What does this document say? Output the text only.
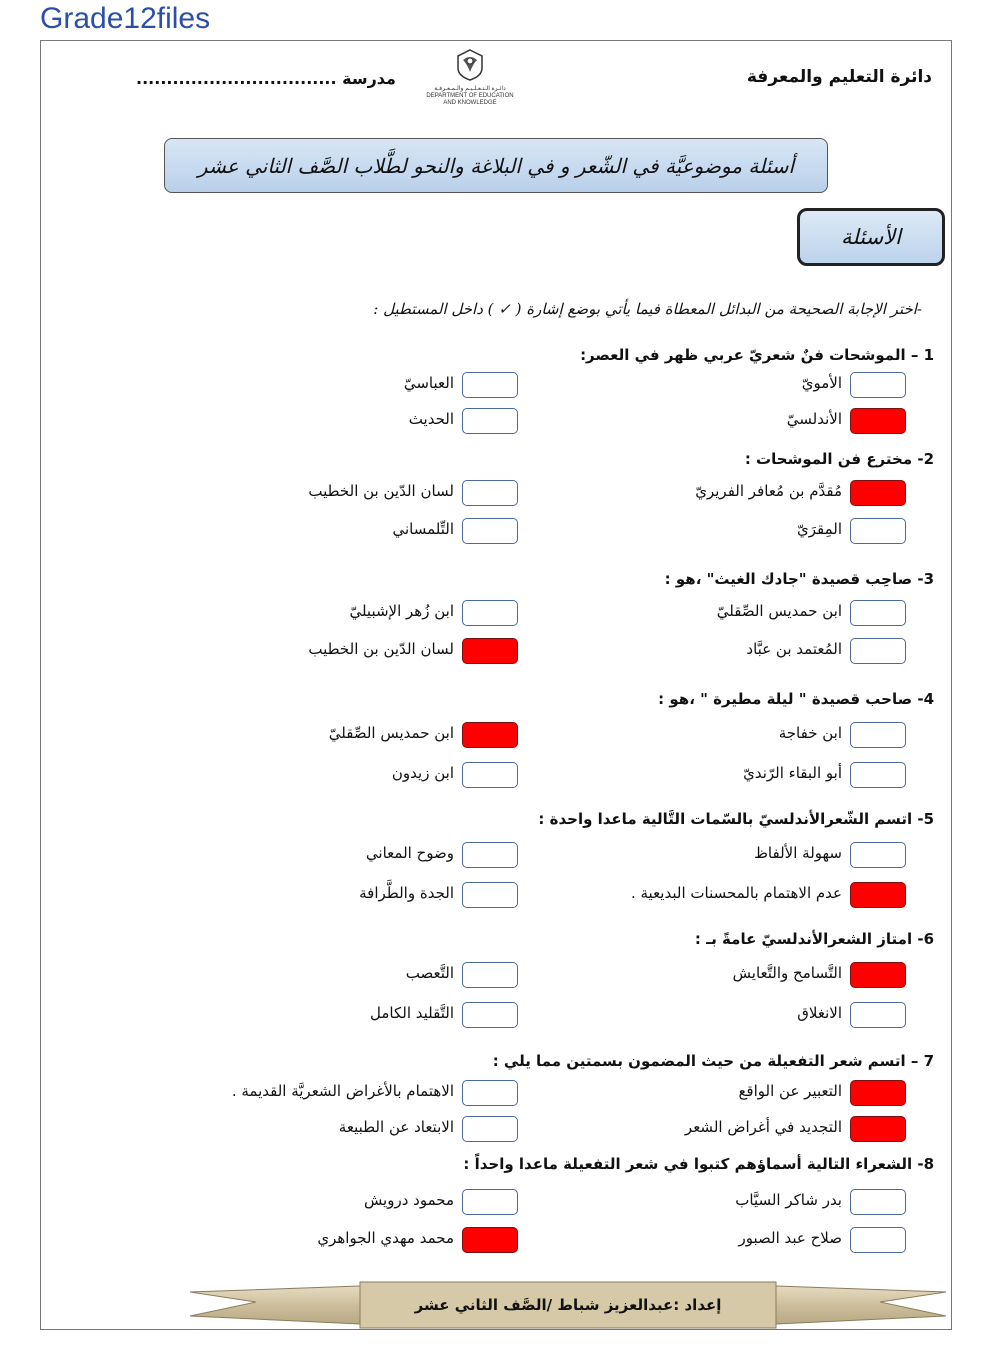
Grade12files
دائرة التعليم والمعرفة
مدرسة .................................
دائـرة الـتـعـلـيـم والـمـعـرفـة
DEPARTMENT OF EDUCATION
AND KNOWLEDGE
أسئلة موضوعيَّة في الشّعر و في البلاغة والنحو لطَّلاب الصَّف الثاني عشر
الأسئلة
-اختر الإجابة الصحيحة من البدائل المعطاة فيما يأتي بوضع إشارة ( ✓ ) داخل المستطيل :
1 – الموشحات فنٌ شعريّ عربي ظهر في العصر:
الأمويّ
العباسيّ
الأندلسيّ
الحديث
2- مخترع فن الموشحات :
مُقدَّم بن مُعافر الفريريّ
لسان الدّين بن الخطيب
المِقرَيّ
التِّلمساني
3- صاحِب قصيدة "جادك الغيث" ،هو :
ابن حمديس الصِّقليّ
ابن زُهر الإشبيليّ
المُعتمد بن عبَّاد
لسان الدّين بن الخطيب
4- صاحب قصيدة " ليلة مطيرة " ،هو :
ابن خفاجة
ابن حمديس الصِّقليّ
أبو البقاء الرّنديّ
ابن زيدون
5- اتسم الشّعرالأندلسيّ بالسّمات التَّالية ماعدا واحدة :
سهولة الألفاظ
وضوح المعاني
عدم الاهتمام بالمحسنات البديعية .
الجدة والطَّرافة
6- امتاز الشعرالأندلسيّ عامةً بـ :
التَّسامح والتَّعايش
التَّعصب
الانغلاق
التَّقليد الكامل
7 – اتسم شعر التفعيلة من حيث المضمون بسمتين مما يلي :
التعبير عن الواقع
الاهتمام بالأغراض الشعريَّة القديمة .
التجديد في أغراض الشعر
الابتعاد عن الطبيعة
8- الشعراء التالية أسماؤهم كتبوا في شعر التفعيلة ماعدا واحداً :
بدر شاكر السيَّاب
محمود درويش
صلاح عبد الصبور
محمد مهدي الجواهري
إعداد :عبدالعزيز شباط /الصَّف الثاني عشر
